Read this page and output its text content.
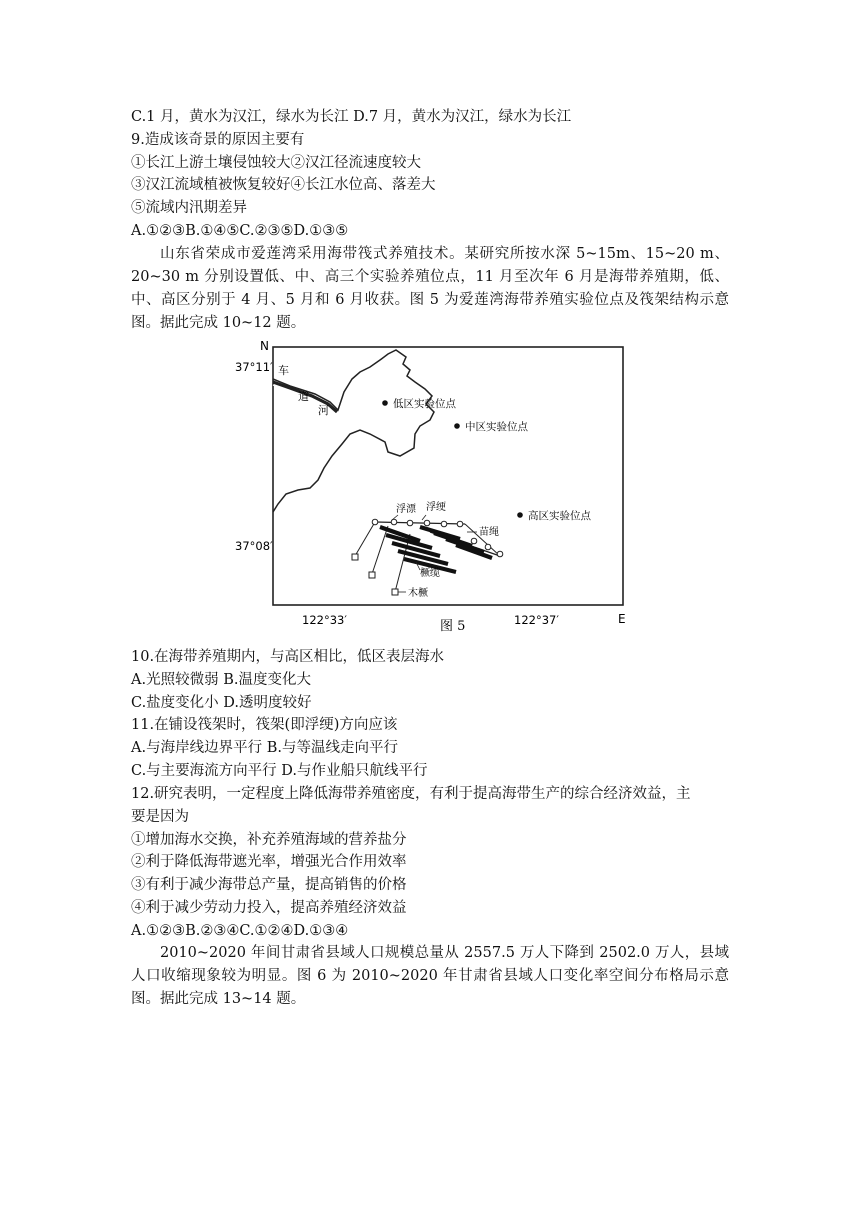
C.1 月，黄水为汉江，绿水为长江 D.7 月，黄水为汉江，绿水为长江
9.造成该奇景的原因主要有
①长江上游土壤侵蚀较大②汉江径流速度较大
③汉江流域植被恢复较好④长江水位高、落差大
⑤流域内汛期差异
A.①②③B.①④⑤C.②③⑤D.①③⑤
山东省荣成市爱莲湾采用海带筏式养殖技术。某研究所按水深 5~15m、15~20 m、20~30 m 分别设置低、中、高三个实验养殖位点，11 月至次年 6 月是海带养殖期，低、中、高区分别于 4 月、5 月和 6 月收获。图 5 为爱莲湾海带养殖实验位点及筏架结构示意图。据此完成 10~12 题。
车
道
河
N
E
37°11′
37°08′
122°33′	122°37′
图 5
低区实验位点
中区实验位点
高区实验位点
浮漂 浮绠
苗绳
橛缆
木橛
10.在海带养殖期内，与高区相比，低区表层海水
A.光照较微弱 B.温度变化大
C.盐度变化小 D.透明度较好
11.在铺设筏架时，筏架(即浮绠)方向应该
A.与海岸线边界平行 B.与等温线走向平行
C.与主要海流方向平行 D.与作业船只航线平行
12.研究表明，一定程度上降低海带养殖密度，有利于提高海带生产的综合经济效益，主
要是因为
①增加海水交换，补充养殖海域的营养盐分
②利于降低海带遮光率，增强光合作用效率
③有利于减少海带总产量，提高销售的价格
④利于减少劳动力投入，提高养殖经济效益
A.①②③B.②③④C.①②④D.①③④
2010~2020 年间甘肃省县域人口规模总量从 2557.5 万人下降到 2502.0 万人，县域人口收缩现象较为明显。图 6 为 2010~2020 年甘肃省县域人口变化率空间分布格局示意图。据此完成 13~14 题。
